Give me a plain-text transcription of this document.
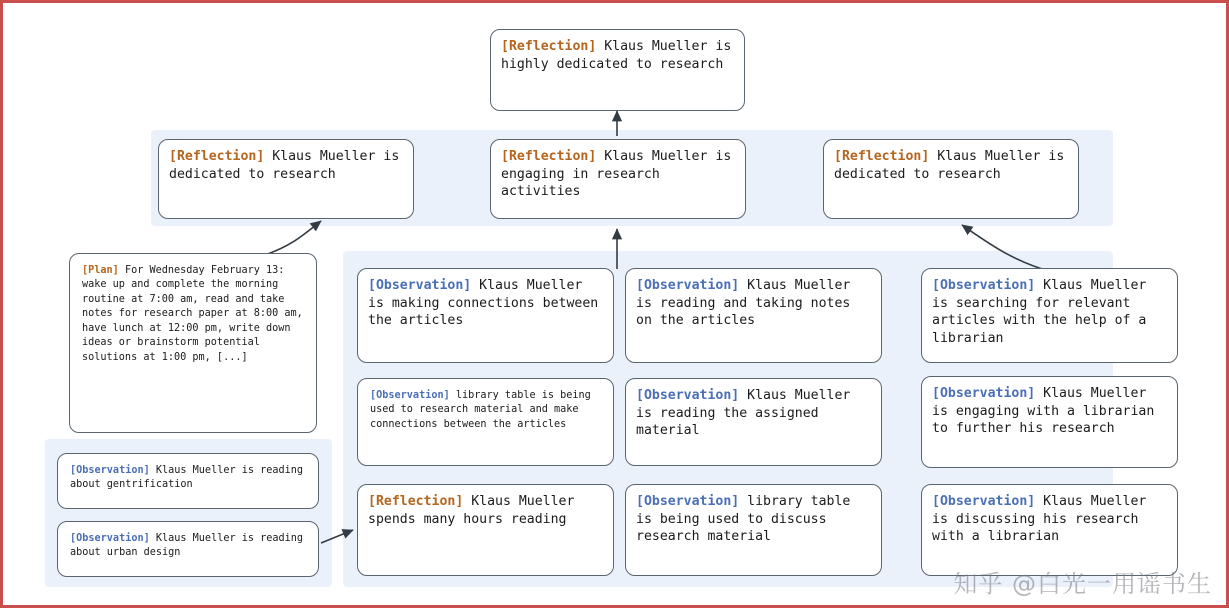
[Reflection] Klaus Mueller is highly dedicated to research
[Reflection] Klaus Mueller is dedicated to research
[Reflection] Klaus Mueller is engaging in research activities
[Reflection] Klaus Mueller is dedicated to research
[Plan] For Wednesday February 13: wake up and complete the morning routine at 7:00 am, read and take notes for research paper at 8:00 am, have lunch at 12:00 pm, write down ideas or brainstorm potential solutions at 1:00 pm, [...]
[Observation] Klaus Mueller is reading about gentrification
[Observation] Klaus Mueller is reading about urban design
[Observation] Klaus Mueller is making connections between the articles
[Observation] library table is being used to research material and make connections between the articles
[Reflection] Klaus Mueller spends many hours reading
[Observation] Klaus Mueller is reading and taking notes on the articles
[Observation] Klaus Mueller is reading the assigned material
[Observation] library table is being used to discuss research material
[Observation] Klaus Mueller is searching for relevant articles with the help of a librarian
[Observation] Klaus Mueller is engaging with a librarian to further his research
[Observation] Klaus Mueller is discussing his research with a librarian
知乎 @白光一用谣书生
